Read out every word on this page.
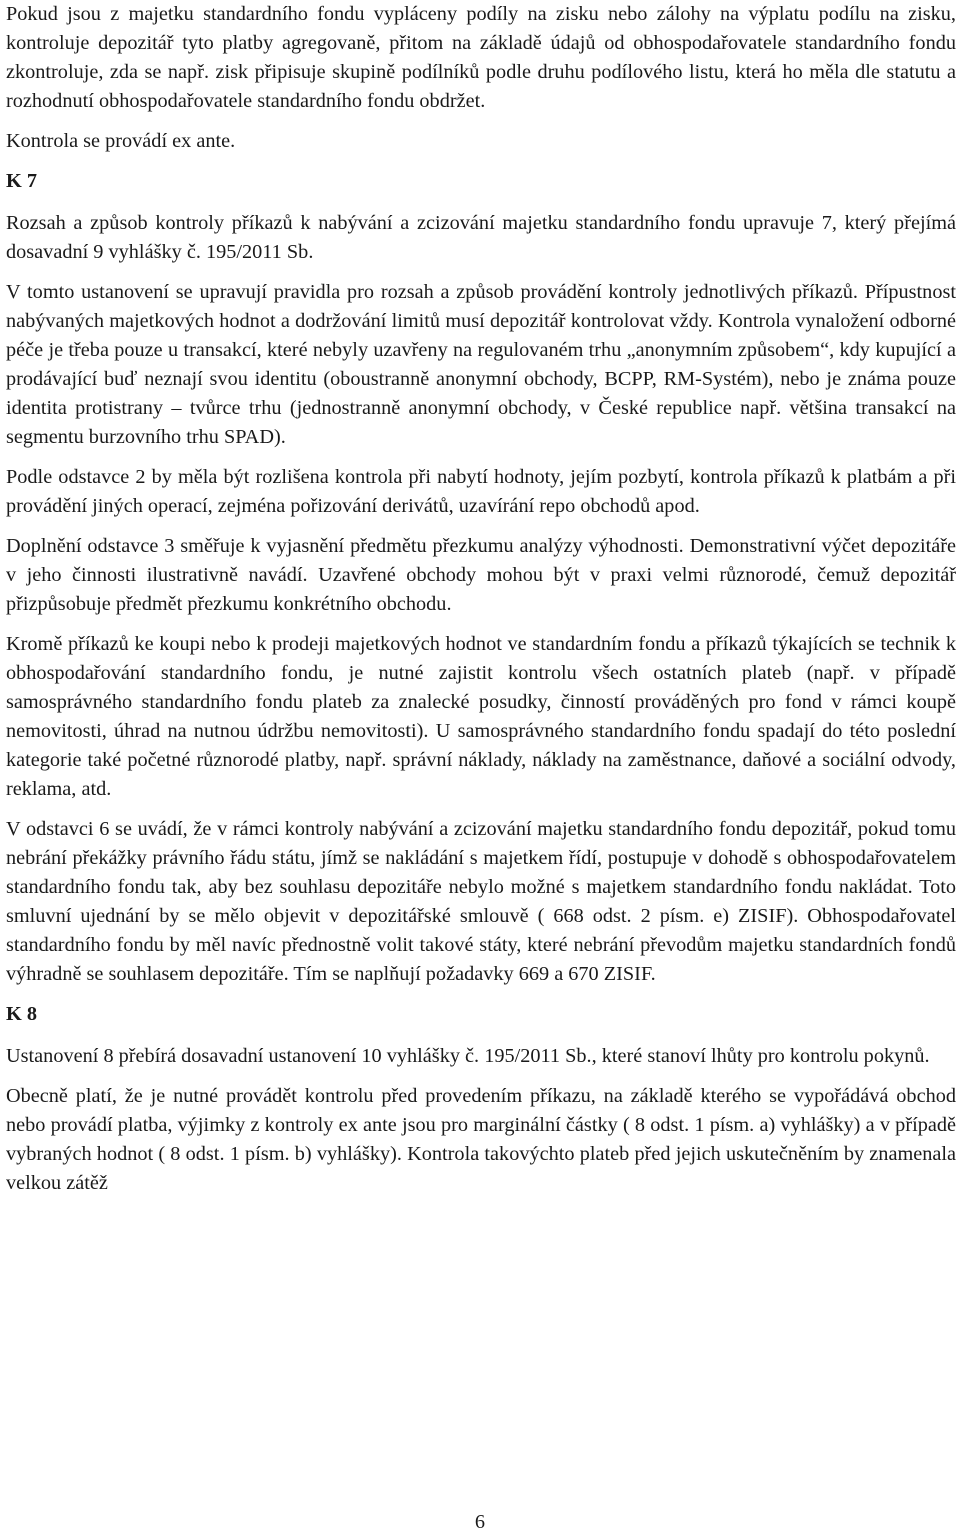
Pokud jsou z majetku standardního fondu vypláceny podíly na zisku nebo zálohy na výplatu podílu na zisku, kontroluje depozitář tyto platby agregovaně, přitom na základě údajů od obhospodařovatele standardního fondu zkontroluje, zda se např. zisk připisuje skupině podílníků podle druhu podílového listu, která ho měla dle statutu a rozhodnutí obhospodařovatele standardního fondu obdržet.

Kontrola se provádí ex ante.

K 7

Rozsah a způsob kontroly příkazů k nabývání a zcizování majetku standardního fondu upravuje 7, který přejímá dosavadní 9 vyhlášky č. 195/2011 Sb.

V tomto ustanovení se upravují pravidla pro rozsah a způsob provádění kontroly jednotlivých příkazů. Přípustnost nabývaných majetkových hodnot a dodržování limitů musí depozitář kontrolovat vždy. Kontrola vynaložení odborné péče je třeba pouze u transakcí, které nebyly uzavřeny na regulovaném trhu „anonymním způsobem“, kdy kupující a prodávající buď neznají svou identitu (oboustranně anonymní obchody, BCPP, RM-Systém), nebo je známa pouze identita protistrany – tvůrce trhu (jednostranně anonymní obchody, v České republice např. většina transakcí na segmentu burzovního trhu SPAD).

Podle odstavce 2 by měla být rozlišena kontrola při nabytí hodnoty, jejím pozbytí, kontrola příkazů k platbám a při provádění jiných operací, zejména pořizování derivátů, uzavírání repo obchodů apod.

Doplnění odstavce 3 směřuje k vyjasnění předmětu přezkumu analýzy výhodnosti. Demonstrativní výčet depozitáře v jeho činnosti ilustrativně navádí. Uzavřené obchody mohou být v praxi velmi různorodé, čemuž depozitář přizpůsobuje předmět přezkumu konkrétního obchodu.

Kromě příkazů ke koupi nebo k prodeji majetkových hodnot ve standardním fondu a příkazů týkajících se technik k obhospodařování standardního fondu, je nutné zajistit kontrolu všech ostatních plateb (např. v případě samosprávného standardního fondu plateb za znalecké posudky, činností prováděných pro fond v rámci koupě nemovitosti, úhrad na nutnou údržbu nemovitosti). U samosprávného standardního fondu spadají do této poslední kategorie také početné různorodé platby, např. správní náklady, náklady na zaměstnance, daňové a sociální odvody, reklama, atd.

V odstavci 6 se uvádí, že v rámci kontroly nabývání a zcizování majetku standardního fondu depozitář, pokud tomu nebrání překážky právního řádu státu, jímž se nakládání s majetkem řídí, postupuje v dohodě s obhospodařovatelem standardního fondu tak, aby bez souhlasu depozitáře nebylo možné s majetkem standardního fondu nakládat. Toto smluvní ujednání by se mělo objevit v depozitářské smlouvě ( 668 odst. 2 písm. e) ZISIF). Obhospodařovatel standardního fondu by měl navíc přednostně volit takové státy, které nebrání převodům majetku standardních fondů výhradně se souhlasem depozitáře. Tím se naplňují požadavky 669 a 670 ZISIF.

K 8

Ustanovení 8 přebírá dosavadní ustanovení 10 vyhlášky č. 195/2011 Sb., které stanoví lhůty pro kontrolu pokynů.

Obecně platí, že je nutné provádět kontrolu před provedením příkazu, na základě kterého se vypořádává obchod nebo provádí platba, výjimky z kontroly ex ante jsou pro marginální částky ( 8 odst. 1 písm. a) vyhlášky) a v případě vybraných hodnot ( 8 odst. 1 písm. b) vyhlášky). Kontrola takovýchto plateb před jejich uskutečněním by znamenala velkou zátěž

6
